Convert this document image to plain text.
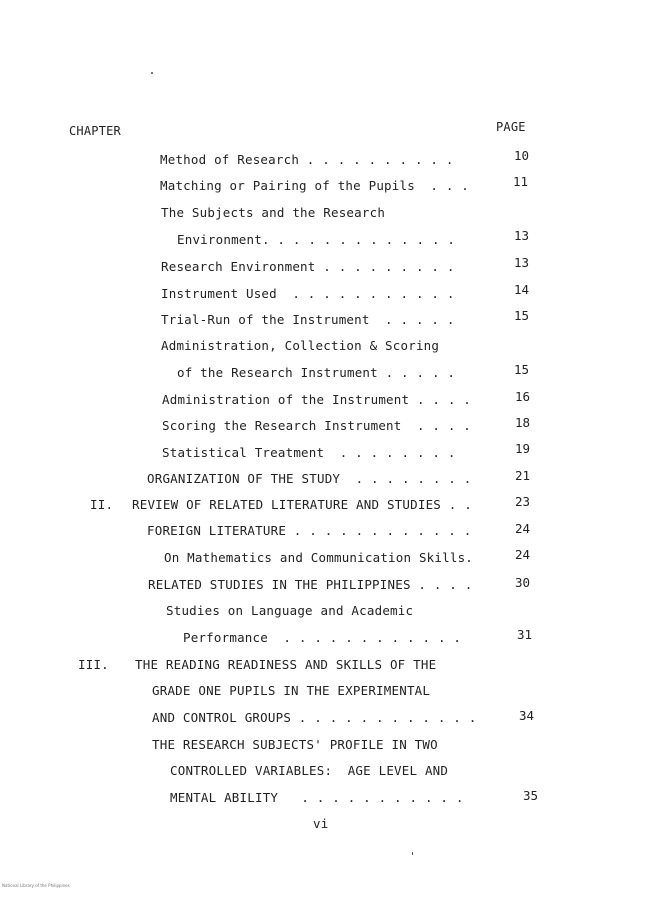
CHAPTER	PAGE
Method of Research . . . . . . . . . .	10
Matching or Pairing of the Pupils  . . .	11
The Subjects and the Research
Environment. . . . . . . . . . . . .	13
Research Environment . . . . . . . . .	13
Instrument Used  . . . . . . . . . . .	14
Trial-Run of the Instrument  . . . . .	15
Administration, Collection & Scoring
of the Research Instrument . . . . .	15
Administration of the Instrument . . . .	16
Scoring the Research Instrument  . . . .	18
Statistical Treatment  . . . . . . . .	19
ORGANIZATION OF THE STUDY  . . . . . . . .	21
II. REVIEW OF RELATED LITERATURE AND STUDIES . .	23
FOREIGN LITERATURE . . . . . . . . . . . .	24
On Mathematics and Communication Skills.	24
RELATED STUDIES IN THE PHILIPPINES . . . .	30
Studies on Language and Academic
Performance  . . . . . . . . . . . .	31
III. THE READING READINESS AND SKILLS OF THE
GRADE ONE PUPILS IN THE EXPERIMENTAL
AND CONTROL GROUPS . . . . . . . . . . . .	34
THE RESEARCH SUBJECTS' PROFILE IN TWO
CONTROLLED VARIABLES:  AGE LEVEL AND
MENTAL ABILITY   . . . . . . . . . . .	35
vi
National Library of the Philippines
